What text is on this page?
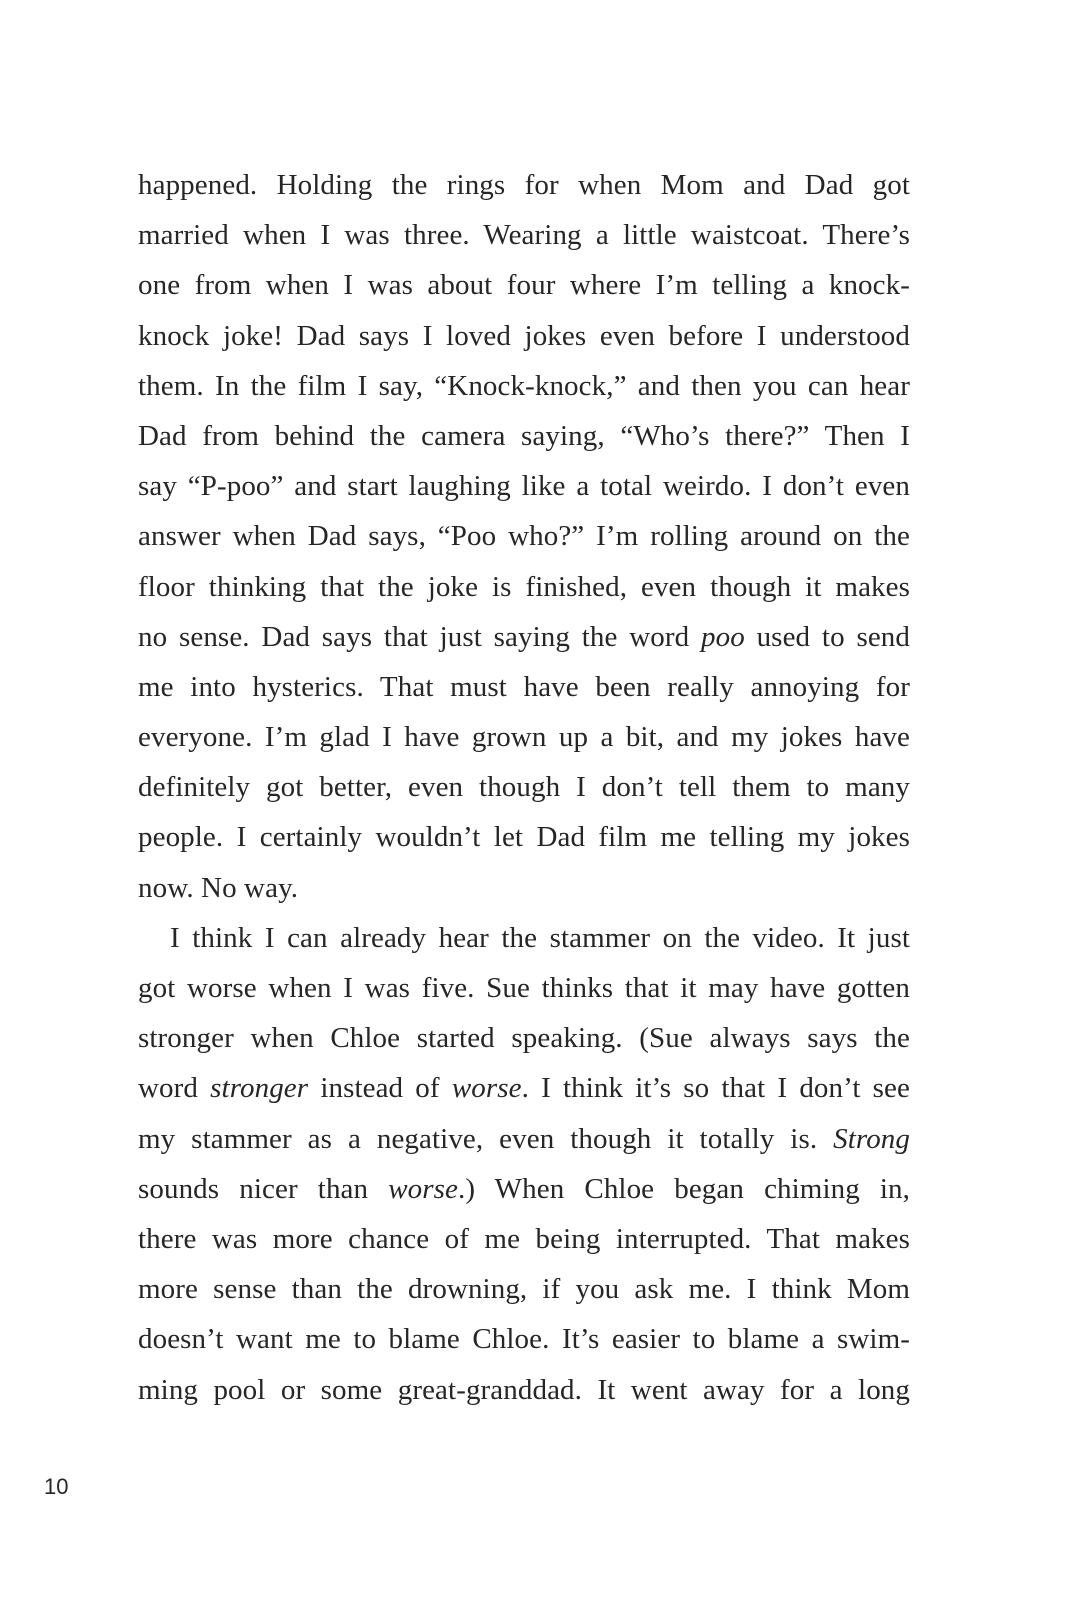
happened. Holding the rings for when Mom and Dad got
married when I was three. Wearing a little waistcoat. There’s
one from when I was about four where I’m telling a knock-
knock joke! Dad says I loved jokes even before I understood
them. In the film I say, “Knock-knock,” and then you can hear
Dad from behind the camera saying, “Who’s there?” Then I
say “P-poo” and start laughing like a total weirdo. I don’t even
answer when Dad says, “Poo who?” I’m rolling around on the
floor thinking that the joke is finished, even though it makes
no sense. Dad says that just saying the word poo used to send
me into hysterics. That must have been really annoying for
everyone. I’m glad I have grown up a bit, and my jokes have
definitely got better, even though I don’t tell them to many
people. I certainly wouldn’t let Dad film me telling my jokes
now. No way.
I think I can already hear the stammer on the video. It just
got worse when I was five. Sue thinks that it may have gotten
stronger when Chloe started speaking. (Sue always says the
word stronger instead of worse. I think it’s so that I don’t see
my stammer as a negative, even though it totally is. Strong
sounds nicer than worse.) When Chloe began chiming in,
there was more chance of me being interrupted. That makes
more sense than the drowning, if you ask me. I think Mom
doesn’t want me to blame Chloe. It’s easier to blame a swim-
ming pool or some great-granddad. It went away for a long
10
